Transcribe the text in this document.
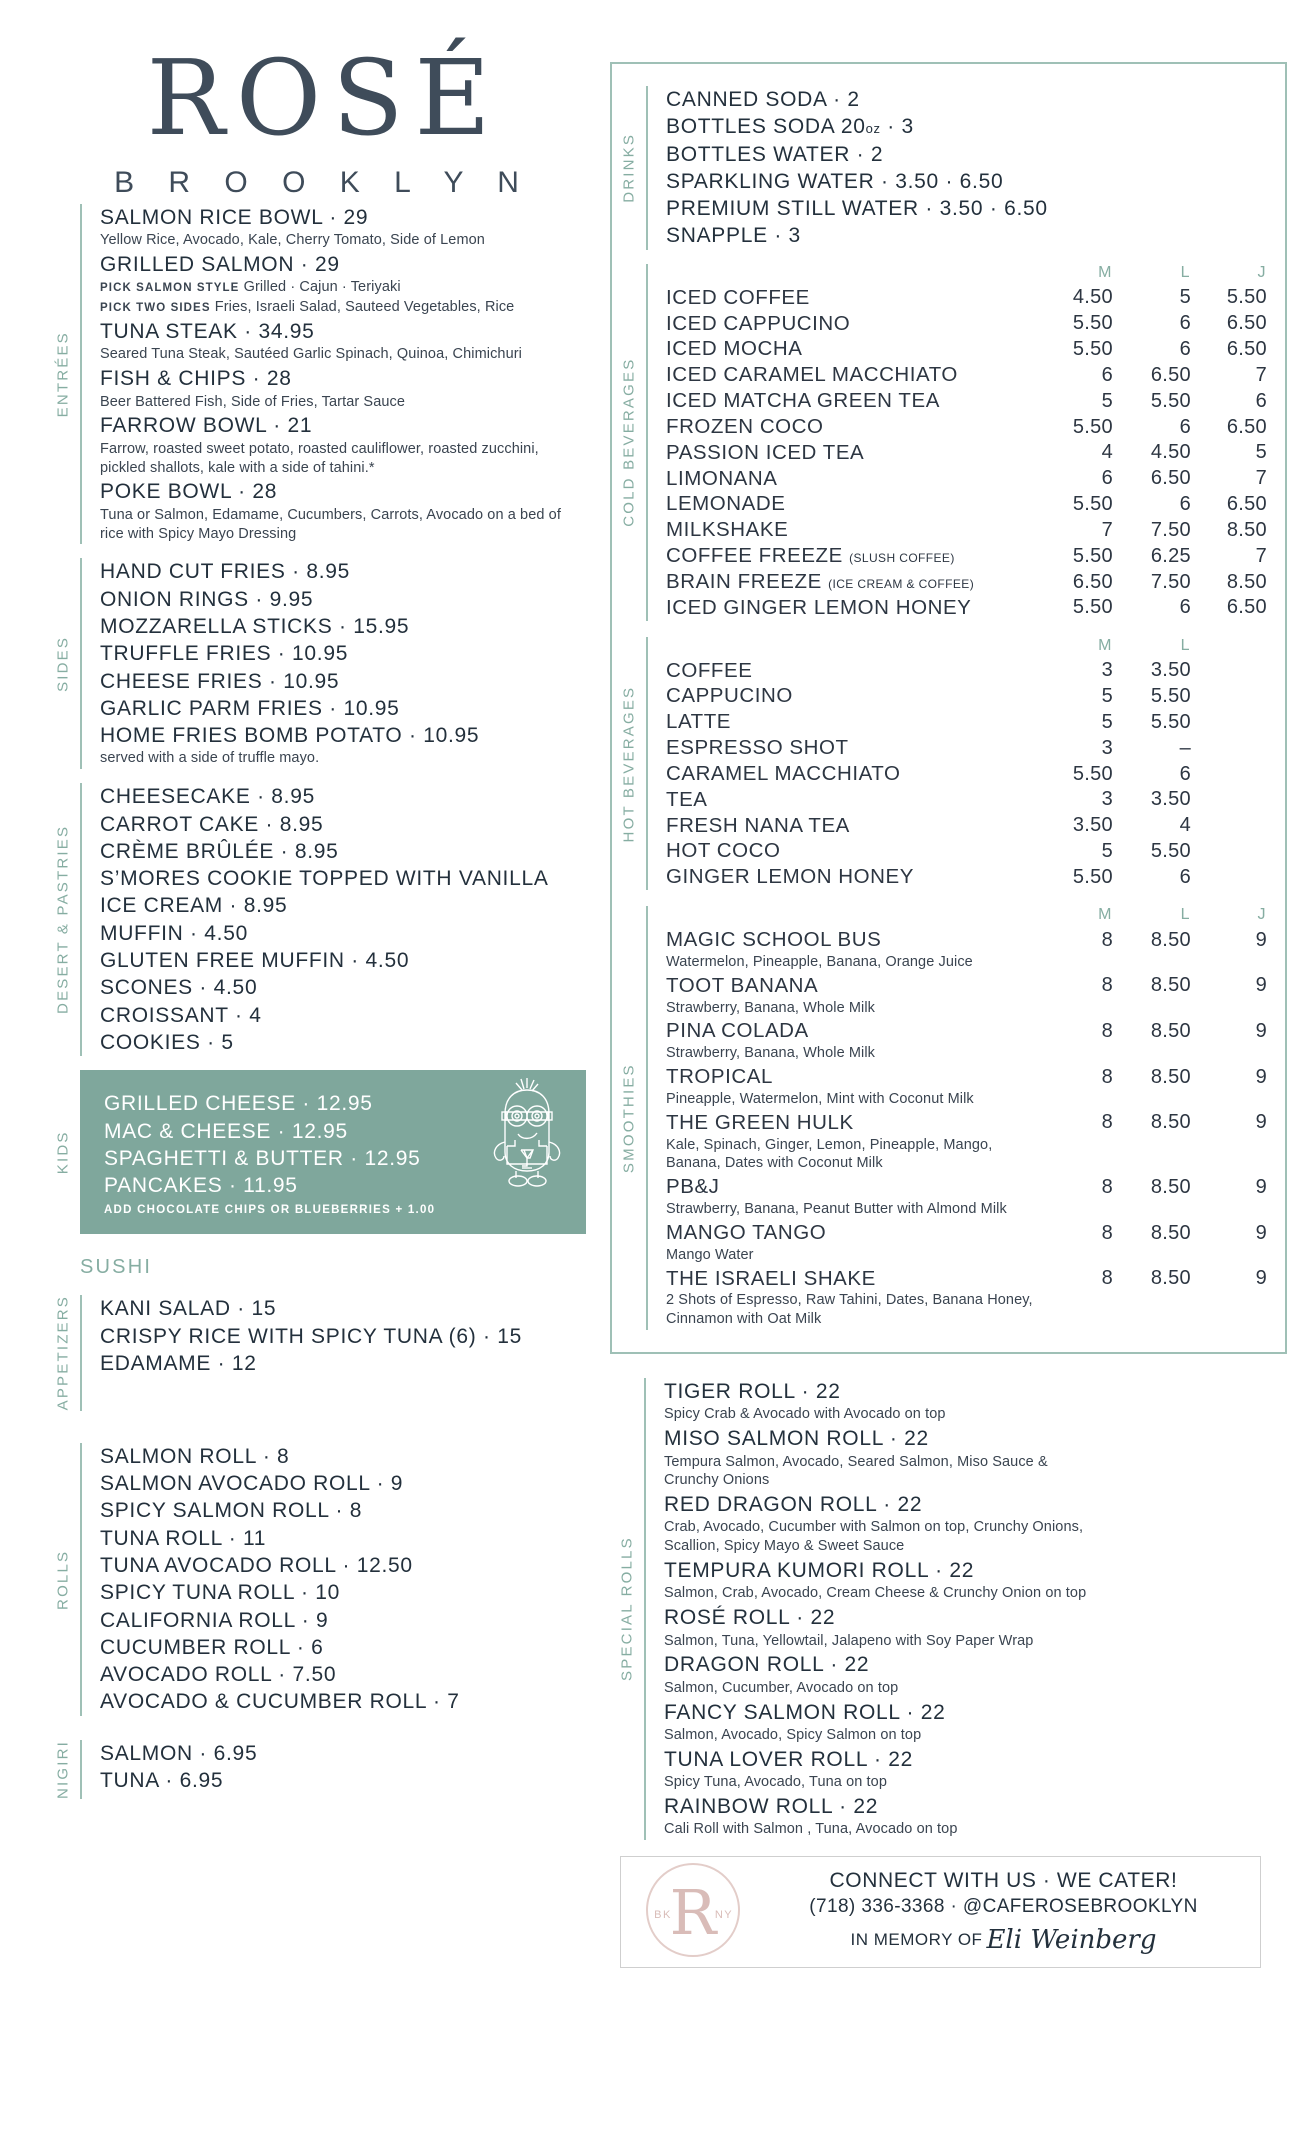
ROSÉ
B R O O K L Y N
ENTRÉES
SALMON RICE BOWL · 29
Yellow Rice, Avocado, Kale, Cherry Tomato, Side of Lemon
GRILLED SALMON · 29
PICK SALMON STYLE Grilled · Cajun · Teriyaki
PICK TWO SIDES Fries, Israeli Salad, Sauteed Vegetables, Rice
TUNA STEAK · 34.95
Seared Tuna Steak, Sautéed Garlic Spinach, Quinoa, Chimichuri
FISH & CHIPS · 28
Beer Battered Fish, Side of Fries, Tartar Sauce
FARROW BOWL · 21
Farrow, roasted sweet potato, roasted cauliflower, roasted zucchini, pickled shallots, kale with a side of tahini.*
POKE BOWL · 28
Tuna or Salmon, Edamame, Cucumbers, Carrots, Avocado on a bed of rice with Spicy Mayo Dressing
SIDES
HAND CUT FRIES · 8.95
ONION RINGS · 9.95
MOZZARELLA STICKS · 15.95
TRUFFLE FRIES · 10.95
CHEESE FRIES · 10.95
GARLIC PARM FRIES · 10.95
HOME FRIES BOMB POTATO · 10.95
served with a side of truffle mayo.
DESERT & PASTRIES
CHEESECAKE · 8.95
CARROT CAKE · 8.95
CRÈME BRÛLÉE · 8.95
S’MORES COOKIE TOPPED WITH VANILLA
ICE CREAM · 8.95
MUFFIN · 4.50
GLUTEN FREE MUFFIN · 4.50
SCONES · 4.50
CROISSANT · 4
COOKIES · 5
KIDS
GRILLED CHEESE · 12.95
MAC & CHEESE · 12.95
SPAGHETTI & BUTTER · 12.95
PANCAKES · 11.95
ADD CHOCOLATE CHIPS OR BLUEBERRIES + 1.00
SUSHI
APPETIZERS	KANI SALAD · 15
CRISPY RICE WITH SPICY TUNA (6) · 15
EDAMAME · 12
ROLLS
SALMON ROLL · 8
SALMON AVOCADO ROLL · 9
SPICY SALMON ROLL · 8
TUNA ROLL · 11
TUNA AVOCADO ROLL · 12.50
SPICY TUNA ROLL · 10
CALIFORNIA ROLL · 9
CUCUMBER ROLL · 6
AVOCADO ROLL · 7.50
AVOCADO & CUCUMBER ROLL · 7
NIGIRI	SALMON · 6.95
TUNA · 6.95
DRINKS
CANNED SODA · 2
BOTTLES SODA 20oz · 3
BOTTLES WATER · 2
SPARKLING WATER · 3.50 · 6.50
PREMIUM STILL WATER · 3.50 · 6.50
SNAPPLE · 3
COLD BEVERAGES
M	L	J
ICED COFFEE	4.50	5	5.50
ICED CAPPUCINO	5.50	6	6.50
ICED MOCHA	5.50	6	6.50
ICED CARAMEL MACCHIATO	6	6.50	7
ICED MATCHA GREEN TEA	5	5.50	6
FROZEN COCO	5.50	6	6.50
PASSION ICED TEA	4	4.50	5
LIMONANA	6	6.50	7
LEMONADE	5.50	6	6.50
MILKSHAKE	7	7.50	8.50
COFFEE FREEZE (SLUSH COFFEE)	5.50	6.25	7
BRAIN FREEZE (ICE CREAM & COFFEE)	6.50	7.50	8.50
ICED GINGER LEMON HONEY	5.50	6	6.50
HOT BEVERAGES
M	L
COFFEE	3	3.50
CAPPUCINO	5	5.50
LATTE	5	5.50
ESPRESSO SHOT	3	–
CARAMEL MACCHIATO	5.50	6
TEA	3	3.50
FRESH NANA TEA	3.50	4
HOT COCO	5	5.50
GINGER LEMON HONEY	5.50	6
SMOOTHIES
M	L	J
MAGIC SCHOOL BUS	8	8.50	9
Watermelon, Pineapple, Banana, Orange Juice
TOOT BANANA	8	8.50	9
Strawberry, Banana, Whole Milk
PINA COLADA	8	8.50	9
Strawberry, Banana, Whole Milk
TROPICAL	8	8.50	9
Pineapple, Watermelon, Mint with Coconut Milk
THE GREEN HULK	8	8.50	9
Kale, Spinach, Ginger, Lemon, Pineapple, Mango, Banana, Dates with Coconut Milk
PB&J	8	8.50	9
Strawberry, Banana, Peanut Butter with Almond Milk
MANGO TANGO	8	8.50	9
Mango Water
THE ISRAELI SHAKE	8	8.50	9
2 Shots of Espresso, Raw Tahini, Dates, Banana Honey, Cinnamon with Oat Milk
SPECIAL ROLLS
TIGER ROLL · 22
Spicy Crab & Avocado with Avocado on top
MISO SALMON ROLL · 22
Tempura Salmon, Avocado, Seared Salmon, Miso Sauce & Crunchy Onions
RED DRAGON ROLL · 22
Crab, Avocado, Cucumber with Salmon on top, Crunchy Onions, Scallion, Spicy Mayo & Sweet Sauce
TEMPURA KUMORI ROLL · 22
Salmon, Crab, Avocado, Cream Cheese & Crunchy Onion on top
ROSÉ ROLL · 22
Salmon, Tuna, Yellowtail, Jalapeno with Soy Paper Wrap
DRAGON ROLL · 22
Salmon, Cucumber, Avocado on top
FANCY SALMON ROLL · 22
Salmon, Avocado, Spicy Salmon on top
TUNA LOVER ROLL · 22
Spicy Tuna, Avocado, Tuna on top
RAINBOW ROLL · 22
Cali Roll with Salmon , Tuna, Avocado on top
R
BK	NY
CONNECT WITH US · WE CATER!
(718) 336-3368 · @CAFEROSEBROOKLYN
IN MEMORY OF Eli Weinberg
